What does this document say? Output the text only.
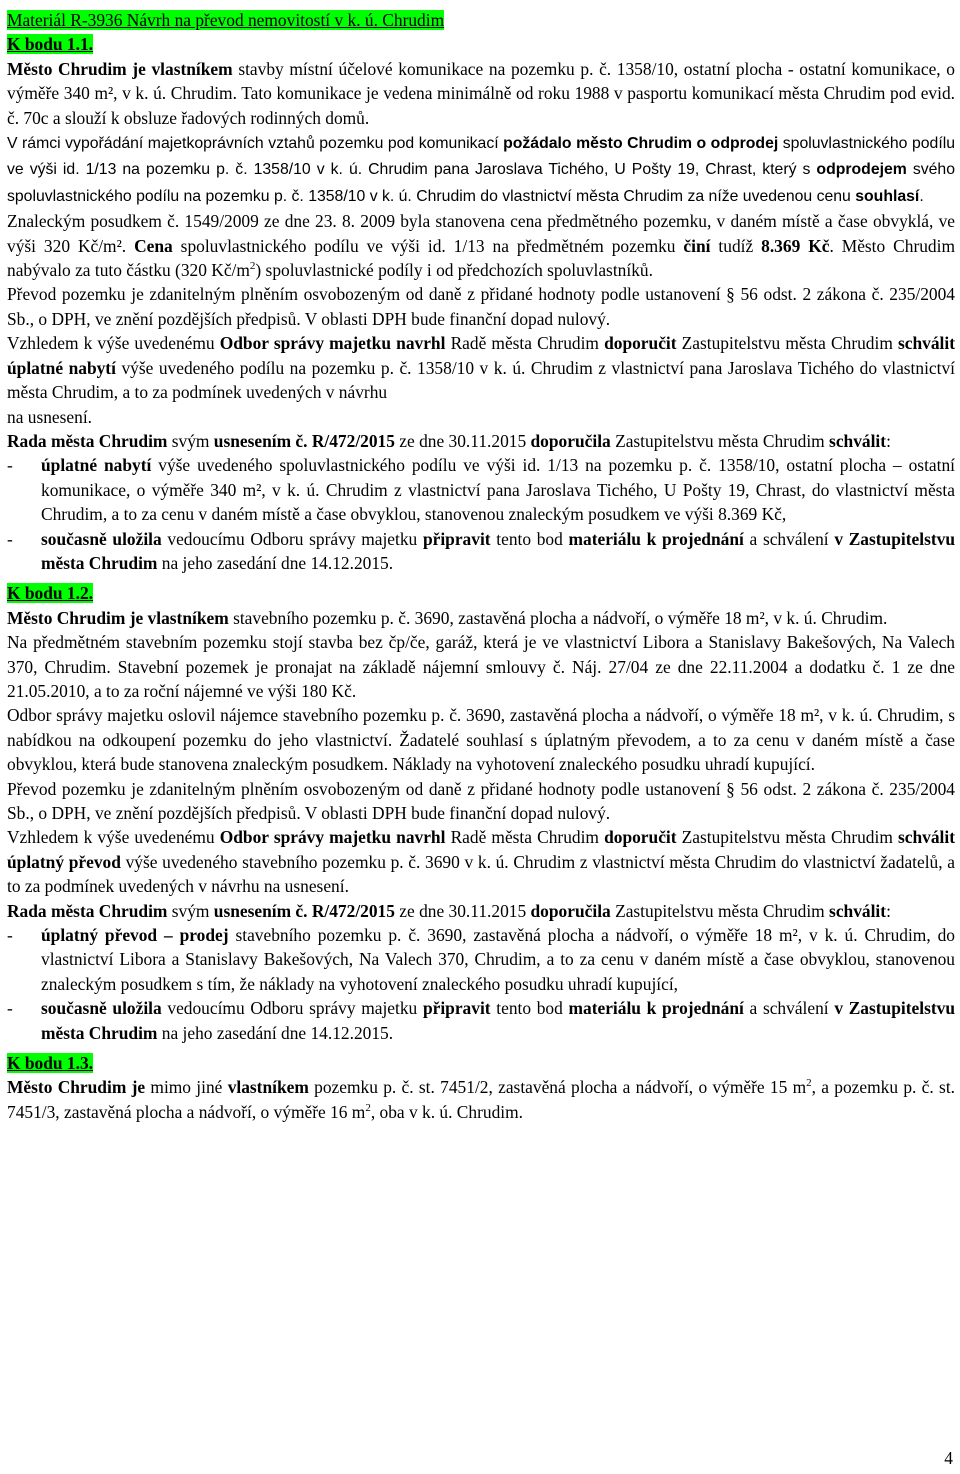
Materiál R-3936 Návrh na převod nemovitostí v k. ú. Chrudim

K bodu 1.1.

Město Chrudim je vlastníkem stavby místní účelové komunikace na pozemku p. č. 1358/10, ostatní plocha - ostatní komunikace, o výměře 340 m², v k. ú. Chrudim. Tato komunikace je vedena minimálně od roku 1988 v pasportu komunikací města Chrudim pod evid. č. 70c a slouží k obsluze řadových rodinných domů.

V rámci vypořádání majetkoprávních vztahů pozemku pod komunikací požádalo město Chrudim o odprodej spoluvlastnického podílu ve výši id. 1/13 na pozemku p. č. 1358/10 v k. ú. Chrudim pana Jaroslava Tichého, U Pošty 19, Chrast, který s odprodejem svého spoluvlastnického podílu na pozemku p. č. 1358/10 v k. ú. Chrudim do vlastnictví města Chrudim za níže uvedenou cenu souhlasí.

Znaleckým posudkem č. 1549/2009 ze dne 23. 8. 2009 byla stanovena cena předmětného pozemku, v daném místě a čase obvyklá, ve výši 320 Kč/m². Cena spoluvlastnického podílu ve výši id. 1/13 na předmětném pozemku činí tudíž 8.369 Kč. Město Chrudim nabývalo za tuto částku (320 $Kč/m^2$) spoluvlastnické podíly i od předchozích spoluvlastníků.

Převod pozemku je zdanitelným plněním osvobozeným od daně z přidané hodnoty podle ustanovení § 56 odst. 2 zákona č. 235/2004 Sb., o DPH, ve znění pozdějších předpisů. V oblasti DPH bude finanční dopad nulový.

Vzhledem k výše uvedenému Odbor správy majetku navrhl Radě města Chrudim doporučit Zastupitelstvu města Chrudim schválit úplatné nabytí výše uvedeného podílu na pozemku p. č. 1358/10 v k. ú. Chrudim z vlastnictví pana Jaroslava Tichého do vlastnictví města Chrudim, a to za podmínek uvedených v návrhu

na usnesení.

Rada města Chrudim svým usnesením č. R/472/2015 ze dne 30.11.2015 doporučila Zastupitelstvu města Chrudim schválit:

-	úplatné nabytí výše uvedeného spoluvlastnického podílu ve výši id. 1/13 na pozemku p. č. 1358/10, ostatní plocha – ostatní komunikace, o výměře 340 m², v k. ú. Chrudim z vlastnictví pana Jaroslava Tichého, U Pošty 19, Chrast, do vlastnictví města Chrudim, a to za cenu v daném místě a čase obvyklou, stanovenou znaleckým posudkem ve výši 8.369 Kč,
-	současně uložila vedoucímu Odboru správy majetku připravit tento bod materiálu k projednání a schválení v Zastupitelstvu města Chrudim na jeho zasedání dne 14.12.2015.

K bodu 1.2.

Město Chrudim je vlastníkem stavebního pozemku p. č. 3690, zastavěná plocha a nádvoří, o výměře 18 m², v k. ú. Chrudim.

Na předmětném stavebním pozemku stojí stavba bez čp/če, garáž, která je ve vlastnictví Libora a Stanislavy Bakešových, Na Valech 370, Chrudim. Stavební pozemek je pronajat na základě nájemní smlouvy č. Náj. 27/04 ze dne 22.11.2004 a dodatku č. 1 ze dne 21.05.2010, a to za roční nájemné ve výši 180 Kč.

Odbor správy majetku oslovil nájemce stavebního pozemku p. č. 3690, zastavěná plocha a nádvoří, o výměře 18 m², v k. ú. Chrudim, s nabídkou na odkoupení pozemku do jeho vlastnictví. Žadatelé souhlasí s úplatným převodem, a to za cenu v daném místě a čase obvyklou, která bude stanovena znaleckým posudkem. Náklady na vyhotovení znaleckého posudku uhradí kupující.

Převod pozemku je zdanitelným plněním osvobozeným od daně z přidané hodnoty podle ustanovení § 56 odst. 2 zákona č. 235/2004 Sb., o DPH, ve znění pozdějších předpisů. V oblasti DPH bude finanční dopad nulový.

Vzhledem k výše uvedenému Odbor správy majetku navrhl Radě města Chrudim doporučit Zastupitelstvu města Chrudim schválit úplatný převod výše uvedeného stavebního pozemku p. č. 3690 v k. ú. Chrudim z vlastnictví města Chrudim do vlastnictví žadatelů, a to za podmínek uvedených v návrhu na usnesení.

Rada města Chrudim svým usnesením č. R/472/2015 ze dne 30.11.2015 doporučila Zastupitelstvu města Chrudim schválit:

-	úplatný převod – prodej stavebního pozemku p. č. 3690, zastavěná plocha a nádvoří, o výměře 18 m², v k. ú. Chrudim, do vlastnictví Libora a Stanislavy Bakešových, Na Valech 370, Chrudim, a to za cenu v daném místě a čase obvyklou, stanovenou znaleckým posudkem s tím, že náklady na vyhotovení znaleckého posudku uhradí kupující,
-	současně uložila vedoucímu Odboru správy majetku připravit tento bod materiálu k projednání a schválení v Zastupitelstvu města Chrudim na jeho zasedání dne 14.12.2015.

K bodu 1.3.

Město Chrudim je mimo jiné vlastníkem pozemku p. č. st. 7451/2, zastavěná plocha a nádvoří, o výměře 15 $m^2$, a pozemku p. č. st. 7451/3, zastavěná plocha a nádvoří, o výměře 16 $m^2$, oba v k. ú. Chrudim.

4
